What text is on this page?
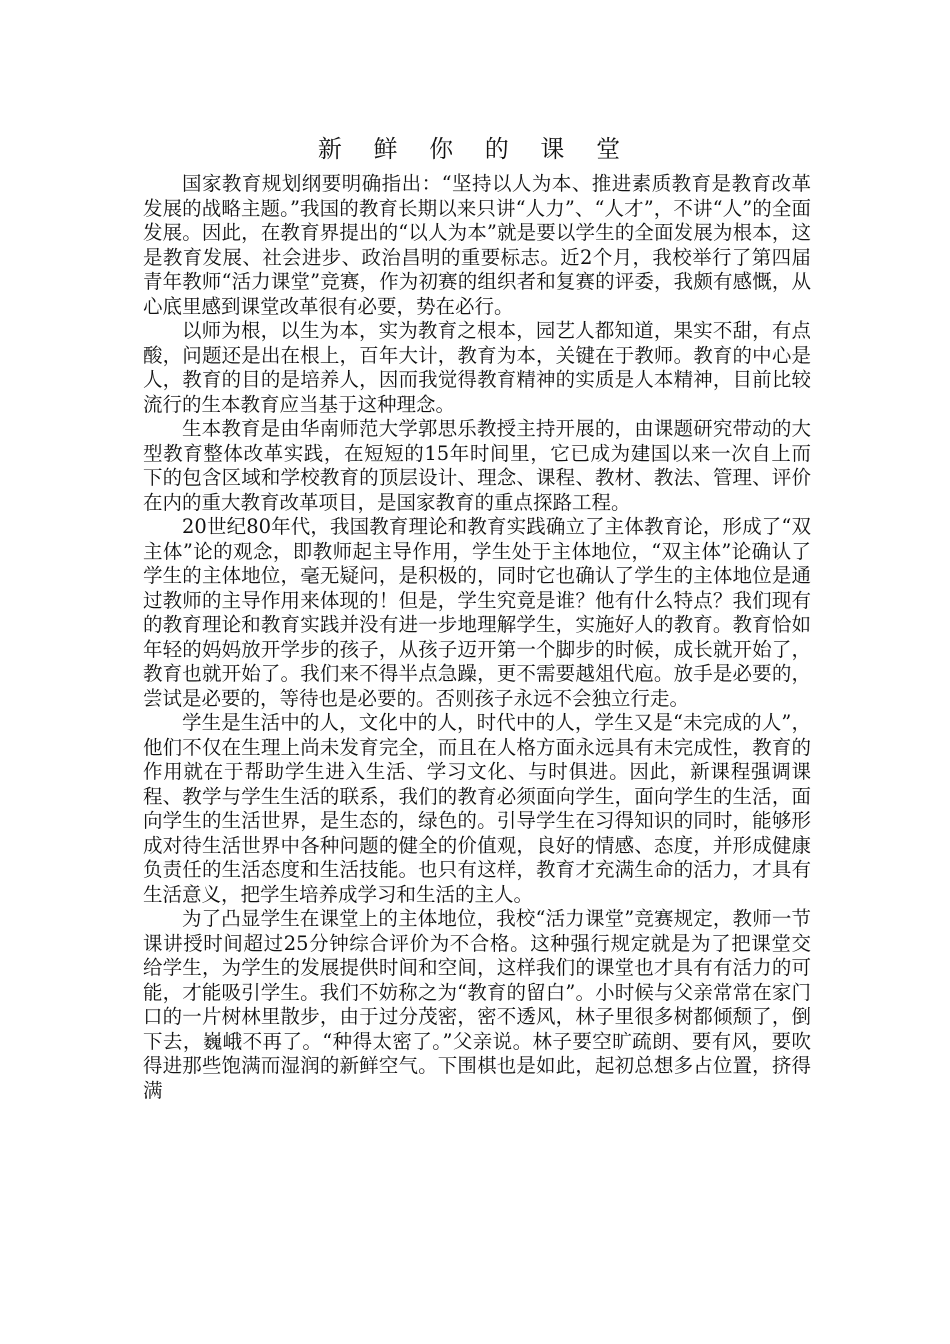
新 鲜 你 的 课 堂

国家教育规划纲要明确指出：“坚持以人为本、推进素质教育是教育改革发展的战略主题。”我国的教育长期以来只讲“人力”、“人才”，不讲“人”的全面发展。因此，在教育界提出的“以人为本”就是要以学生的全面发展为根本，这是教育发展、社会进步、政治昌明的重要标志。近2个月，我校举行了第四届青年教师“活力课堂”竞赛，作为初赛的组织者和复赛的评委，我颇有感慨，从心底里感到课堂改革很有必要，势在必行。

以师为根，以生为本，实为教育之根本，园艺人都知道，果实不甜，有点酸，问题还是出在根上，百年大计，教育为本，关键在于教师。教育的中心是人，教育的目的是培养人，因而我觉得教育精神的实质是人本精神，目前比较流行的生本教育应当基于这种理念。

生本教育是由华南师范大学郭思乐教授主持开展的，由课题研究带动的大型教育整体改革实践，在短短的15年时间里，它已成为建国以来一次自上而下的包含区域和学校教育的顶层设计、理念、课程、教材、教法、管理、评价在内的重大教育改革项目，是国家教育的重点探路工程。

20世纪80年代，我国教育理论和教育实践确立了主体教育论，形成了“双主体”论的观念，即教师起主导作用，学生处于主体地位，“双主体”论确认了学生的主体地位，毫无疑问，是积极的，同时它也确认了学生的主体地位是通过教师的主导作用来体现的！但是，学生究竟是谁？他有什么特点？我们现有的教育理论和教育实践并没有进一步地理解学生，实施好人的教育。教育恰如年轻的妈妈放开学步的孩子，从孩子迈开第一个脚步的时候，成长就开始了，教育也就开始了。我们来不得半点急躁，更不需要越俎代庖。放手是必要的，尝试是必要的，等待也是必要的。否则孩子永远不会独立行走。

学生是生活中的人，文化中的人，时代中的人，学生又是“未完成的人”，他们不仅在生理上尚未发育完全，而且在人格方面永远具有未完成性，教育的作用就在于帮助学生进入生活、学习文化、与时俱进。因此，新课程强调课程、教学与学生生活的联系，我们的教育必须面向学生，面向学生的生活，面向学生的生活世界，是生态的，绿色的。引导学生在习得知识的同时，能够形成对待生活世界中各种问题的健全的价值观，良好的情感、态度，并形成健康负责任的生活态度和生活技能。也只有这样，教育才充满生命的活力，才具有生活意义，把学生培养成学习和生活的主人。

为了凸显学生在课堂上的主体地位，我校“活力课堂”竞赛规定，教师一节课讲授时间超过25分钟综合评价为不合格。这种强行规定就是为了把课堂交给学生，为学生的发展提供时间和空间，这样我们的课堂也才具有有活力的可能，才能吸引学生。我们不妨称之为“教育的留白”。小时候与父亲常常在家门口的一片树林里散步，由于过分茂密，密不透风，林子里很多树都倾颓了，倒下去，巍峨不再了。“种得太密了。”父亲说。林子要空旷疏朗、要有风，要吹得进那些饱满而湿润的新鲜空气。下围棋也是如此，起初总想多占位置，挤得满
